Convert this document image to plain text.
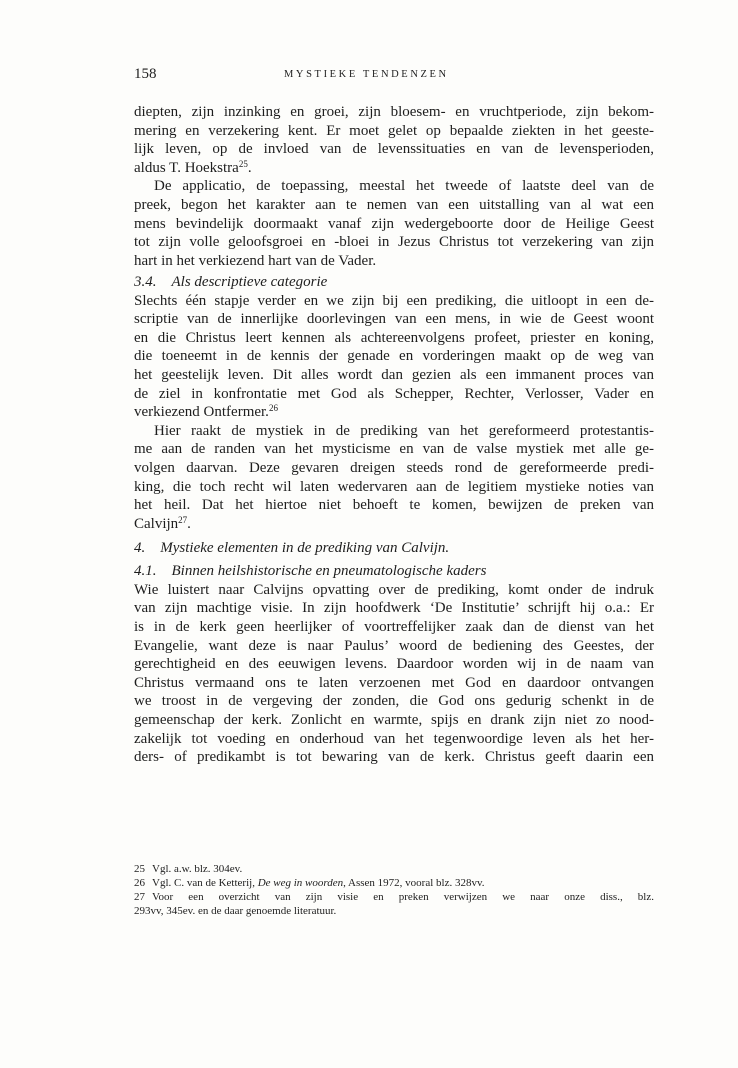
158	MYSTIEKE TENDENZEN
diepten, zijn inzinking en groei, zijn bloesem- en vruchtperiode, zijn bekom-
mering en verzekering kent. Er moet gelet op bepaalde ziekten in het geeste-
lijk leven, op de invloed van de levenssituaties en van de levensperioden,
aldus T. Hoekstra$^{25}$.
De applicatio, de toepassing, meestal het tweede of laatste deel van de
preek, begon het karakter aan te nemen van een uitstalling van al wat een
mens bevindelijk doormaakt vanaf zijn wedergeboorte door de Heilige Geest
tot zijn volle geloofsgroei en -bloei in Jezus Christus tot verzekering van zijn
hart in het verkiezend hart van de Vader.
3.4. Als descriptieve categorie
Slechts één stapje verder en we zijn bij een prediking, die uitloopt in een de-
scriptie van de innerlijke doorlevingen van een mens, in wie de Geest woont
en die Christus leert kennen als achtereenvolgens profeet, priester en koning,
die toeneemt in de kennis der genade en vorderingen maakt op de weg van
het geestelijk leven. Dit alles wordt dan gezien als een immanent proces van
de ziel in konfrontatie met God als Schepper, Rechter, Verlosser, Vader en
verkiezend Ontfermer.$^{26}$
Hier raakt de mystiek in de prediking van het gereformeerd protestantis-
me aan de randen van het mysticisme en van de valse mystiek met alle ge-
volgen daarvan. Deze gevaren dreigen steeds rond de gereformeerde predi-
king, die toch recht wil laten wedervaren aan de legitiem mystieke noties van
het heil. Dat het hiertoe niet behoeft te komen, bewijzen de preken van
Calvijn$^{27}$.
4. Mystieke elementen in de prediking van Calvijn.
4.1. Binnen heilshistorische en pneumatologische kaders
Wie luistert naar Calvijns opvatting over de prediking, komt onder de indruk
van zijn machtige visie. In zijn hoofdwerk ‘De Institutie’ schrijft hij o.a.: Er
is in de kerk geen heerlijker of voortreffelijker zaak dan de dienst van het
Evangelie, want deze is naar Paulus’ woord de bediening des Geestes, der
gerechtigheid en des eeuwigen levens. Daardoor worden wij in de naam van
Christus vermaand ons te laten verzoenen met God en daardoor ontvangen
we troost in de vergeving der zonden, die God ons gedurig schenkt in de
gemeenschap der kerk. Zonlicht en warmte, spijs en drank zijn niet zo nood-
zakelijk tot voeding en onderhoud van het tegenwoordige leven als het her-
ders- of predikambt is tot bewaring van de kerk. Christus geeft daarin een
25 Vgl. a.w. blz. 304ev.
26 Vgl. C. van de Ketterij, De weg in woorden, Assen 1972, vooral blz. 328vv.
27 Voor een overzicht van zijn visie en preken verwijzen we naar onze diss., blz.
293vv, 345ev. en de daar genoemde literatuur.
